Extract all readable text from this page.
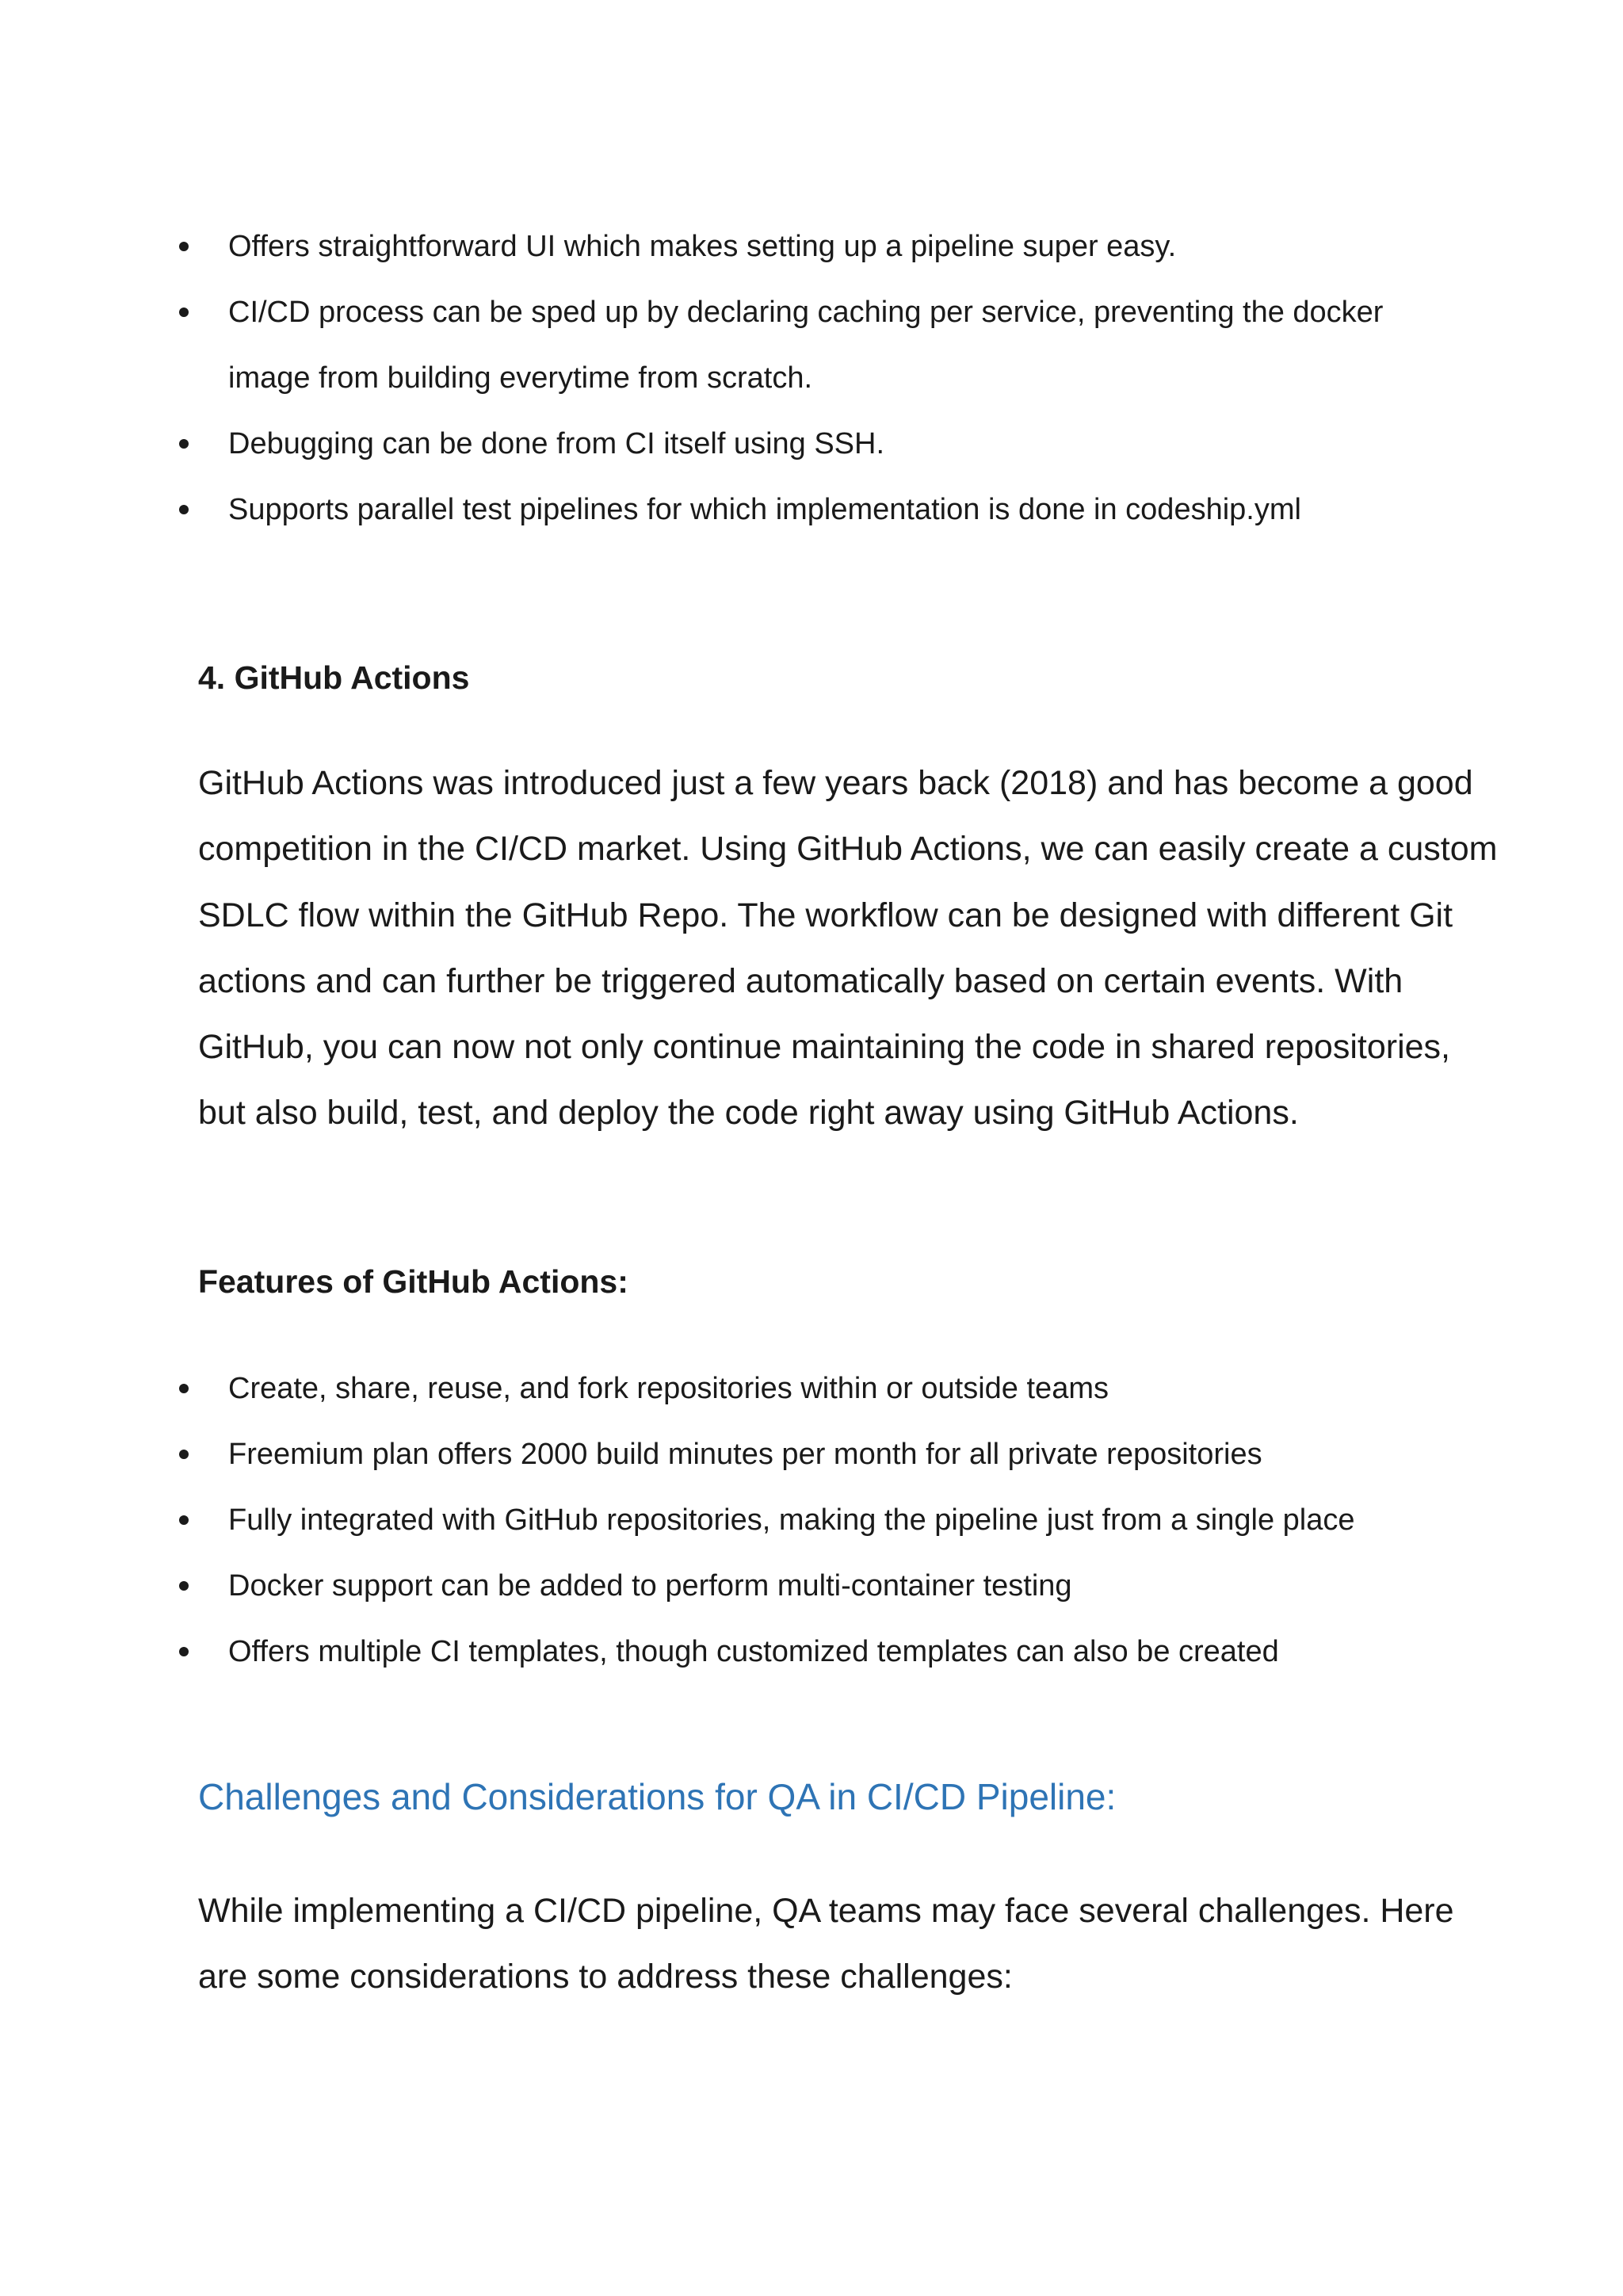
Offers straightforward UI which makes setting up a pipeline super easy.
CI/CD process can be sped up by declaring caching per service, preventing the docker image from building everytime from scratch.
Debugging can be done from CI itself using SSH.
Supports parallel test pipelines for which implementation is done in codeship.yml
4. GitHub Actions

GitHub Actions was introduced just a few years back (2018) and has become a good competition in the CI/CD market. Using GitHub Actions, we can easily create a custom SDLC flow within the GitHub Repo. The workflow can be designed with different Git actions and can further be triggered automatically based on certain events. With GitHub, you can now not only continue maintaining the code in shared repositories, but also build, test, and deploy the code right away using GitHub Actions.

Features of GitHub Actions:
Create, share, reuse, and fork repositories within or outside teams
Freemium plan offers 2000 build minutes per month for all private repositories
Fully integrated with GitHub repositories, making the pipeline just from a single place
Docker support can be added to perform multi-container testing
Offers multiple CI templates, though customized templates can also be created
Challenges and Considerations for QA in CI/CD Pipeline:

While implementing a CI/CD pipeline, QA teams may face several challenges. Here are some considerations to address these challenges:
